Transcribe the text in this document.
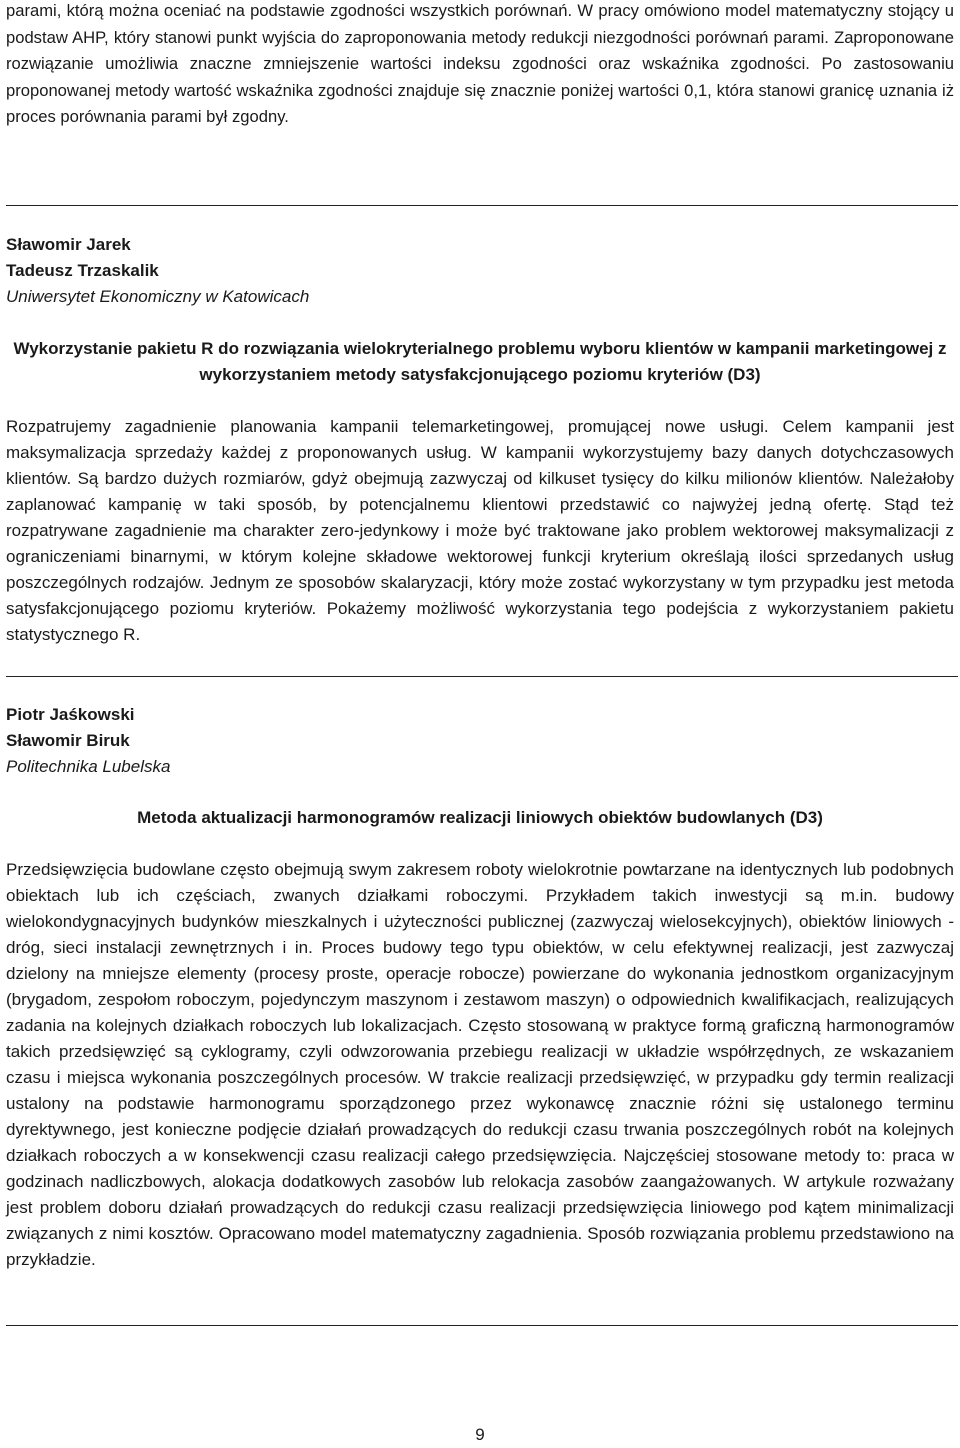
parami, którą można oceniać na podstawie zgodności wszystkich porównań. W pracy omówiono model matematyczny stojący u podstaw AHP, który stanowi punkt wyjścia do zaproponowania metody redukcji niezgodności porównań parami. Zaproponowane rozwiązanie umożliwia znaczne zmniejszenie wartości indeksu zgodności oraz wskaźnika zgodności. Po zastosowaniu proponowanej metody wartość wskaźnika zgodności znajduje się znacznie poniżej wartości 0,1, która stanowi granicę uznania iż proces porównania parami był zgodny.

Sławomir Jarek

Tadeusz Trzaskalik

Uniwersytet Ekonomiczny w Katowicach

Wykorzystanie pakietu R do rozwiązania wielokryterialnego problemu wyboru klientów w kampanii marketingowej z wykorzystaniem metody satysfakcjonującego poziomu kryteriów (D3)

Rozpatrujemy zagadnienie planowania kampanii telemarketingowej, promującej nowe usługi. Celem kampanii jest maksymalizacja sprzedaży każdej z proponowanych usług. W kampanii wykorzystujemy bazy danych dotychczasowych klientów. Są bardzo dużych rozmiarów, gdyż obejmują zazwyczaj od kilkuset tysięcy do kilku milionów klientów. Należałoby zaplanować kampanię w taki sposób, by potencjalnemu klientowi przedstawić co najwyżej jedną ofertę. Stąd też rozpatrywane zagadnienie ma charakter zero-jedynkowy i może być traktowane jako problem wektorowej maksymalizacji z ograniczeniami binarnymi, w którym kolejne składowe wektorowej funkcji kryterium określają ilości sprzedanych usług poszczególnych rodzajów. Jednym ze sposobów skalaryzacji, który może zostać wykorzystany w tym przypadku jest metoda satysfakcjonującego poziomu kryteriów. Pokażemy możliwość wykorzystania tego podejścia z wykorzystaniem pakietu statystycznego R.

Piotr Jaśkowski

Sławomir Biruk

Politechnika Lubelska

Metoda aktualizacji harmonogramów realizacji liniowych obiektów budowlanych (D3)

Przedsięwzięcia budowlane często obejmują swym zakresem roboty wielokrotnie powtarzane na identycznych lub podobnych obiektach lub ich częściach, zwanych działkami roboczymi. Przykładem takich inwestycji są m.in. budowy wielokondygnacyjnych budynków mieszkalnych i użyteczności publicznej (zazwyczaj wielosekcyjnych), obiektów liniowych - dróg, sieci instalacji zewnętrznych i in. Proces budowy tego typu obiektów, w celu efektywnej realizacji, jest zazwyczaj dzielony na mniejsze elementy (procesy proste, operacje robocze) powierzane do wykonania jednostkom organizacyjnym (brygadom, zespołom roboczym, pojedynczym maszynom i zestawom maszyn) o odpowiednich kwalifikacjach, realizujących zadania na kolejnych działkach roboczych lub lokalizacjach. Często stosowaną w praktyce formą graficzną harmonogramów takich przedsięwzięć są cyklogramy, czyli odwzorowania przebiegu realizacji w układzie współrzędnych, ze wskazaniem czasu i miejsca wykonania poszczególnych procesów. W trakcie realizacji przedsięwzięć, w przypadku gdy termin realizacji ustalony na podstawie harmonogramu sporządzonego przez wykonawcę znacznie różni się ustalonego terminu dyrektywnego, jest konieczne podjęcie działań prowadzących do redukcji czasu trwania poszczególnych robót na kolejnych działkach roboczych a w konsekwencji czasu realizacji całego przedsięwzięcia. Najczęściej stosowane metody to: praca w godzinach nadliczbowych, alokacja dodatkowych zasobów lub relokacja zasobów zaangażowanych. W artykule rozważany jest problem doboru działań prowadzących do redukcji czasu realizacji przedsięwzięcia liniowego pod kątem minimalizacji związanych z nimi kosztów. Opracowano model matematyczny zagadnienia. Sposób rozwiązania problemu przedstawiono na przykładzie.

9
